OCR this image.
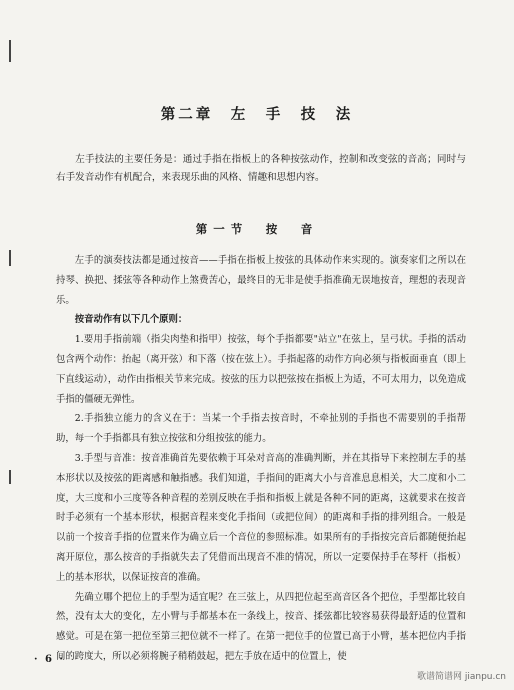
第二章　左　手　技　法
左手技法的主要任务是：通过手指在指板上的各种按弦动作，控制和改变弦的音高；同时与右手发音动作有机配合，来表现乐曲的风格、情趣和思想内容。
第一节　按　音

左手的演奏技法都是通过按音——手指在指板上按弦的具体动作来实现的。演奏家们之所以在持琴、换把、揉弦等各种动作上煞费苦心，最终目的无非是使手指准确无误地按音，理想的表现音乐。

按音动作有以下几个原则：

1.要用手指前端（指尖肉垫和指甲）按弦，每个手指都要"站立"在弦上，呈弓状。手指的活动包含两个动作：抬起（离开弦）和下落（按在弦上）。手指起落的动作方向必须与指板面垂直（即上下直线运动），动作由指根关节来完成。按弦的压力以把弦按在指板上为适，不可太用力，以免造成手指的僵硬无弹性。

2.手指独立能力的含义在于：当某一个手指去按音时，不牵扯别的手指也不需要别的手指帮助，每一个手指都具有独立按弦和分组按弦的能力。

3.手型与音准：按音准确首先要依赖于耳朵对音高的准确判断，并在其指导下来控制左手的基本形状以及按弦的距离感和触指感。我们知道，手指间的距离大小与音准息息相关，大二度和小二度，大三度和小三度等各种音程的差别反映在手指和指板上就是各种不同的距离，这就要求在按音时手必须有一个基本形状，根据音程来变化手指间（或把位间）的距离和手指的排列组合。一般是以前一个按音手指的位置来作为确立后一个音位的参照标准。如果所有的手指按完音后都随便抬起离开原位，那么按音的手指就失去了凭借而出现音不准的情况，所以一定要保持手在琴杆（指板）上的基本形状，以保证按音的准确。

先确立哪个把位上的手型为适宜呢？在三弦上，从四把位起至高音区各个把位，手型都比较自然，没有太大的变化，左小臂与手都基本在一条线上，按音、揉弦都比较容易获得最舒适的位置和感觉。可是在第一把位至第三把位就不一样了。在第一把位手的位置已高于小臂，基本把位内手指间的跨度大，所以必须将腕子稍稍鼓起，把左手放在适中的位置上，使

· 6 ·
歌谱简谱网 jianpu.cn
